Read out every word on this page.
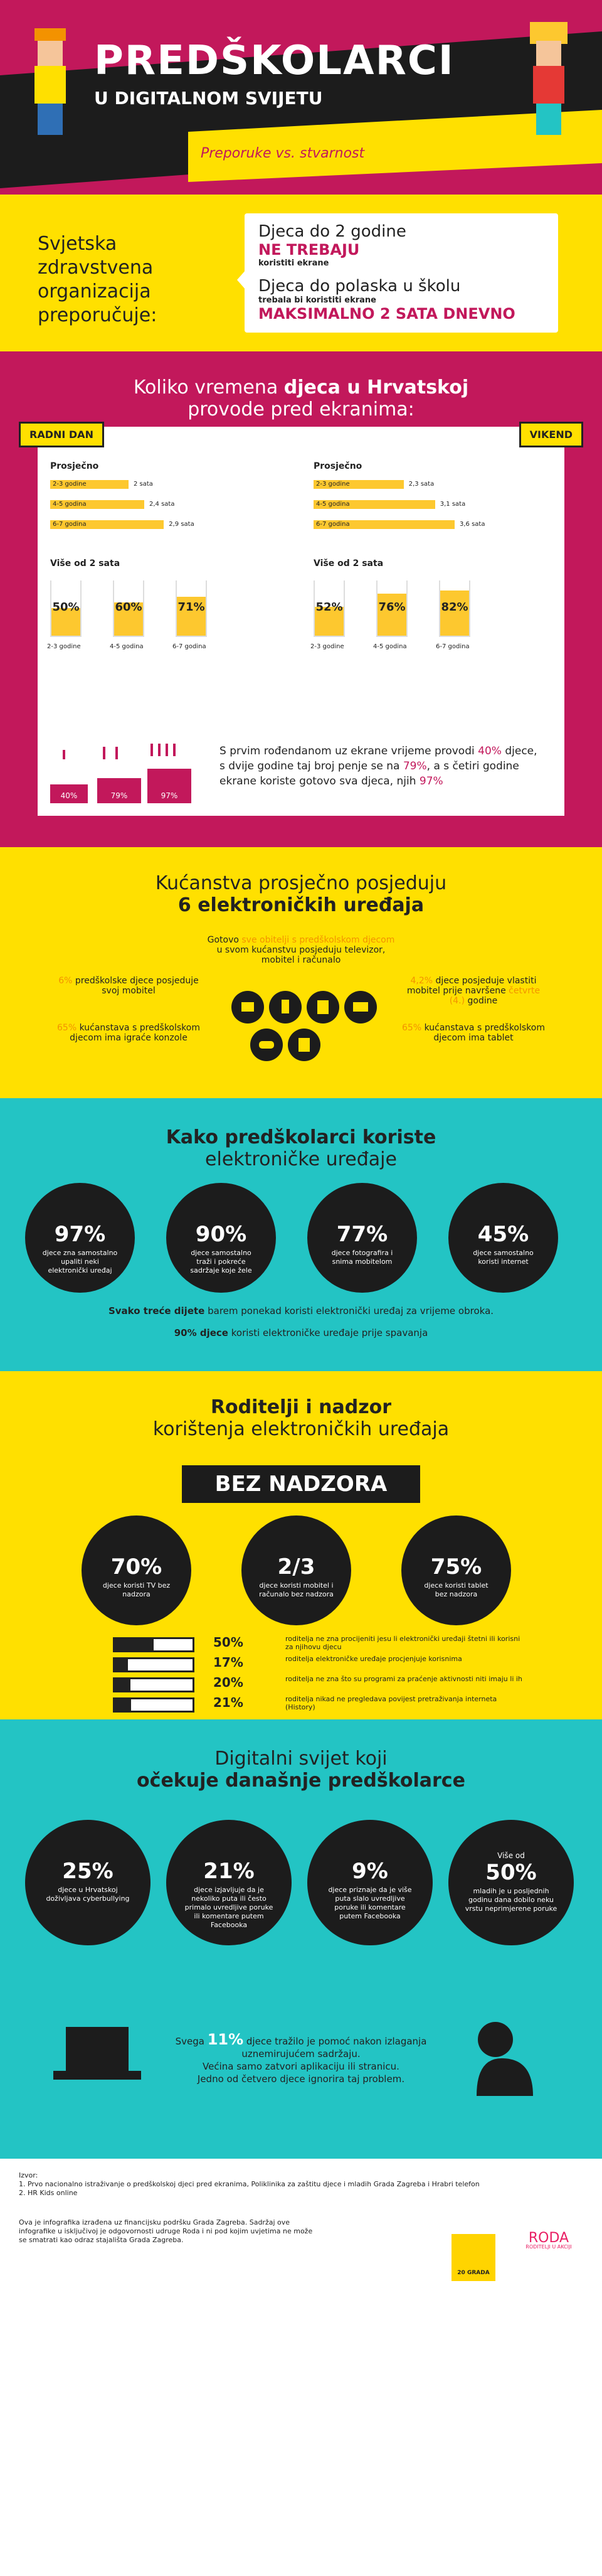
PREDŠKOLARCI
U DIGITALNOM SVIJETU
Preporuke vs. stvarnost
Svjetska zdravstvena organizacija preporučuje:
Djeca do 2 godine
NE TREBAJU
koristiti ekrane
Djeca do polaska u školu
trebala bi koristiti ekrane
MAKSIMALNO 2 SATA DNEVNO
Koliko vremena djeca u Hrvatskoj
provode pred ekranima:
RADNI DAN
Prosječno
2-3 godine	2 sata
4-5 godina	2,4 sata
6-7 godina	2,9 sata
Više od 2 sata
50%
2-3 godine
60%
4-5 godina
71%
6-7 godina
VIKEND
Prosječno
2-3 godine	2,3 sata
4-5 godina	3,1 sata
6-7 godina	3,6 sata
Više od 2 sata
52%
2-3 godine
76%
4-5 godina
82%
6-7 godina
40%	79%	97%
S prvim rođendanom uz ekrane vrijeme provodi 40% djece, s dvije godine taj broj penje se na 79%, a s četiri godine ekrane koriste gotovo sva djeca, njih 97%
Kućanstva prosječno posjeduju
6 elektroničkih uređaja
Gotovo sve obitelji s predškolskom djecom
u svom kućanstvu posjeduju televizor, mobitel i računalo
6% predškolske djece posjeduje svoj mobitel
4,2% djece posjeduje vlastiti mobitel prije navršene četvrte (4.) godine
65% kućanstava s predškolskom djecom ima igraće konzole
65% kućanstava s predškolskom djecom ima tablet
Kako predškolarci koriste
elektroničke uređaje
97%
djece zna samostalno upaliti neki elektronički uređaj
90%
djece samostalno traži i pokreće sadržaje koje žele
77%
djece fotografira i snima mobitelom
45%
djece samostalno koristi internet
Svako treće dijete barem ponekad koristi elektronički uređaj za vrijeme obroka.
90% djece koristi elektroničke uređaje prije spavanja
Roditelji i nadzor
korištenja elektroničkih uređaja
BEZ NADZORA
70%
djece koristi TV bez nadzora
2/3
djece koristi mobitel i računalo bez nadzora
75%
djece koristi tablet bez nadzora
50%	roditelja ne zna procijeniti jesu li elektronički uređaji štetni ili korisni za njihovu djecu
17%	roditelja elektroničke uređaje procjenjuje korisnima
20%	roditelja ne zna što su programi za praćenje aktivnosti niti imaju li ih
21%	roditelja nikad ne pregledava povijest pretraživanja interneta (History)
Digitalni svijet koji
očekuje današnje predškolarce
25%
djece u Hrvatskoj doživljava cyberbullying
21%
djece izjavljuje da je nekoliko puta ili često primalo uvredljive poruke ili komentare putem Facebooka
9%
djece priznaje da je više puta slalo uvredljive poruke ili komentare putem Facebooka
Više od
50%
mladih je u posljednih godinu dana dobilo neku vrstu neprimjerene poruke
Svega 11% djece tražilo je pomoć nakon izlaganja uznemirujućem sadržaju.
Većina samo zatvori aplikaciju ili stranicu.
Jedno od četvero djece ignorira taj problem.
Izvor:
1. Prvo nacionalno istraživanje o predškolskoj djeci pred ekranima, Poliklinika za zaštitu djece i mladih Grada Zagreba i Hrabri telefon
2. HR Kids online
Ova je infografika izrađena uz financijsku podršku Grada Zagreba. Sadržaj ove
infografike u isključivoj je odgovornosti udruge Roda i ni pod kojim uvjetima ne može
se smatrati kao odraz stajališta Grada Zagreba.
20 GRADA
RODA
RODITELJI U AKCIJI
